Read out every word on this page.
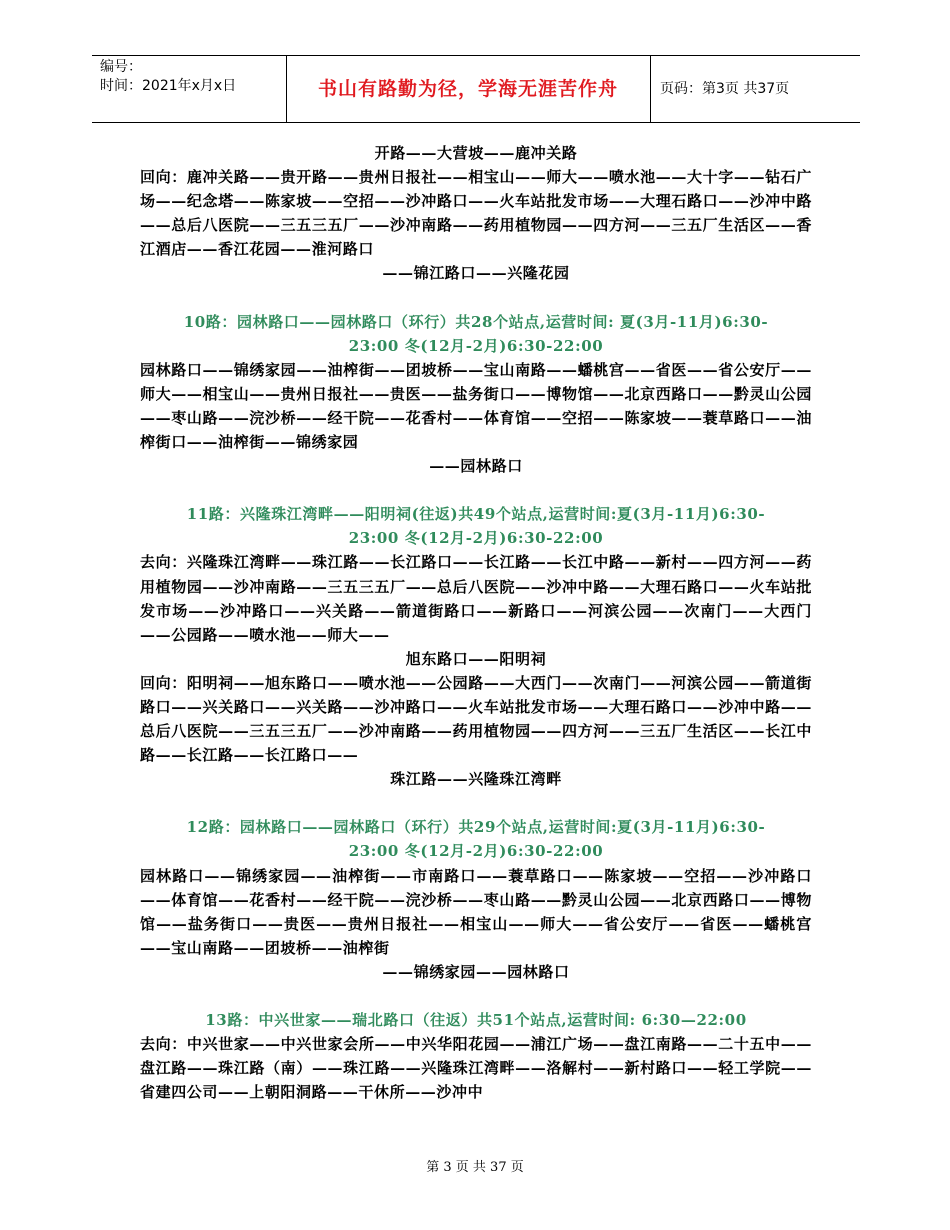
编号：
时间：2021年x月x日	书山有路勤为径，学海无涯苦作舟	页码：第3页 共37页

开路——大营坡——鹿冲关路

回向：鹿冲关路——贵开路——贵州日报社——相宝山——师大——喷水池——大十字——钻石广场——纪念塔——陈家坡——空招——沙冲路口——火车站批发市场——大理石路口——沙冲中路——总后八医院——三五三五厂——沙冲南路——药用植物园——四方河——三五厂生活区——香江酒店——香江花园——淮河路口

——锦江路口——兴隆花园

10路：园林路口——园林路口（环行）共28个站点,运营时间: 夏(3月-11月)6:30-

23:00 冬(12月-2月)6:30-22:00

园林路口——锦绣家园——油榨街——团坡桥——宝山南路——蟠桃宫——省医——省公安厅——师大——相宝山——贵州日报社——贵医——盐务街口——博物馆——北京西路口——黔灵山公园——枣山路——浣沙桥——经干院——花香村——体育馆——空招——陈家坡——蓑草路口——油榨街口——油榨街——锦绣家园

——园林路口

11路：兴隆珠江湾畔——阳明祠(往返)共49个站点,运营时间:夏(3月-11月)6:30-

23:00 冬(12月-2月)6:30-22:00

去向：兴隆珠江湾畔——珠江路——长江路口——长江路——长江中路——新村——四方河——药用植物园——沙冲南路——三五三五厂——总后八医院——沙冲中路——大理石路口——火车站批发市场——沙冲路口——兴关路——箭道街路口——新路口——河滨公园——次南门——大西门——公园路——喷水池——师大——

旭东路口——阳明祠

回向：阳明祠——旭东路口——喷水池——公园路——大西门——次南门——河滨公园——箭道街路口——兴关路口——兴关路——沙冲路口——火车站批发市场——大理石路口——沙冲中路——总后八医院——三五三五厂——沙冲南路——药用植物园——四方河——三五厂生活区——长江中路——长江路——长江路口——

珠江路——兴隆珠江湾畔

12路：园林路口——园林路口（环行）共29个站点,运营时间:夏(3月-11月)6:30-

23:00 冬(12月-2月)6:30-22:00

园林路口——锦绣家园——油榨街——市南路口——蓑草路口——陈家坡——空招——沙冲路口——体育馆——花香村——经干院——浣沙桥——枣山路——黔灵山公园——北京西路口——博物馆——盐务街口——贵医——贵州日报社——相宝山——师大——省公安厅——省医——蟠桃宫——宝山南路——团坡桥——油榨街

——锦绣家园——园林路口

13路：中兴世家——瑞北路口（往返）共51个站点,运营时间: 6:30—22:00

去向：中兴世家——中兴世家会所——中兴华阳花园——浦江广场——盘江南路——二十五中——盘江路——珠江路（南）——珠江路——兴隆珠江湾畔——洛解村——新村路口——轻工学院——省建四公司——上朝阳洞路——干休所——沙冲中

第 3 页 共 37 页
